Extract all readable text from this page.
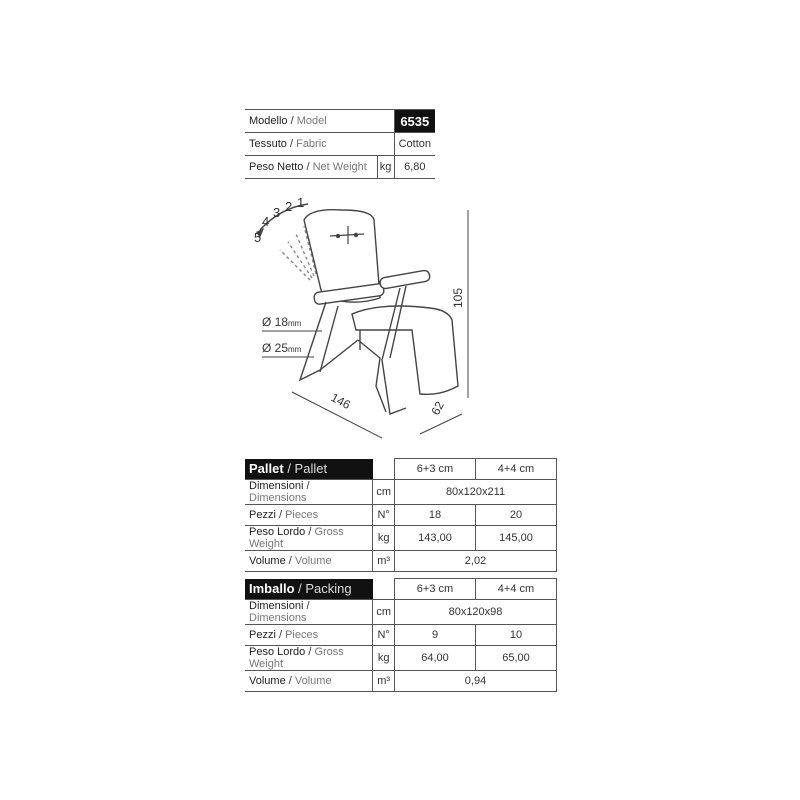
Modello / Model		6535
Tessuto / Fabric		Cotton
Peso Netto / Net Weight	kg	6,80
5
4
3 2 1
Ø 18mm
Ø 25mm
105
146	62
Pallet / Pallet		6+3 cm	4+4 cm
Dimensioni / Dimensions	cm	80x120x211	
Pezzi / Pieces	N°	18	20
Peso Lordo / Gross Weight	kg	143,00	145,00
Volume / Volume	m³	2,02	
Imballo / Packing		6+3 cm	4+4 cm
Dimensioni / Dimensions	cm	80x120x98	
Pezzi / Pieces	N°	9	10
Peso Lordo / Gross Weight	kg	64,00	65,00
Volume / Volume	m³	0,94	
